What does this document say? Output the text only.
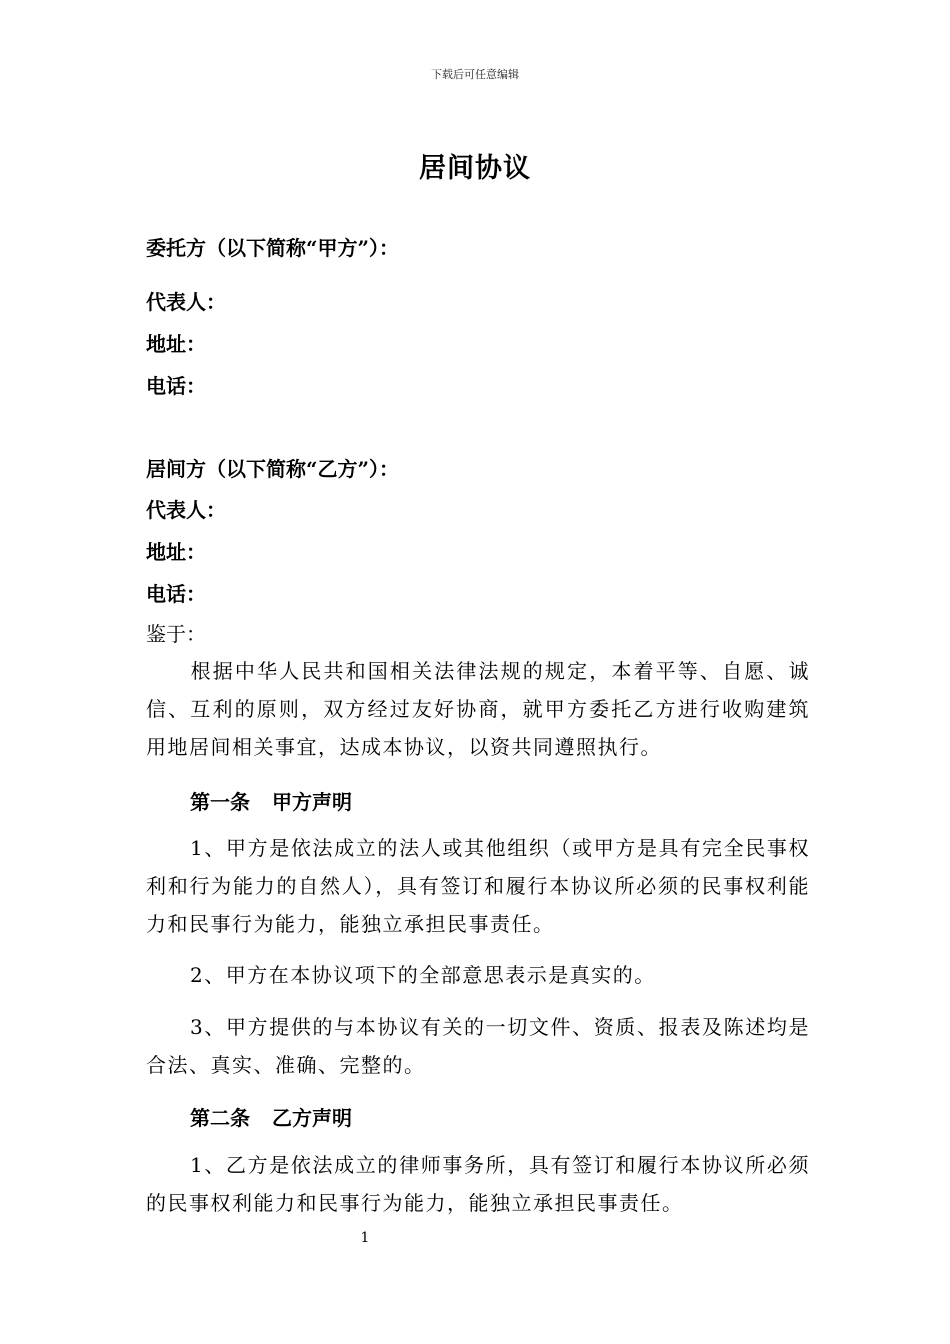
下载后可任意编辑
居间协议
委托方（以下简称“甲方”）：
代表人：
地址：
电话：
居间方（以下简称“乙方”）：
代表人：
地址：
电话：
鉴于：
根据中华人民共和国相关法律法规的规定，本着平等、自愿、诚信、互利的原则，双方经过友好协商，就甲方委托乙方进行收购建筑用地居间相关事宜，达成本协议，以资共同遵照执行。
第一条 甲方声明
1、甲方是依法成立的法人或其他组织（或甲方是具有完全民事权利和行为能力的自然人），具有签订和履行本协议所必须的民事权利能力和民事行为能力，能独立承担民事责任。
2、甲方在本协议项下的全部意思表示是真实的。
3、甲方提供的与本协议有关的一切文件、资质、报表及陈述均是合法、真实、准确、完整的。
第二条 乙方声明
1、乙方是依法成立的律师事务所，具有签订和履行本协议所必须的民事权利能力和民事行为能力，能独立承担民事责任。
1
